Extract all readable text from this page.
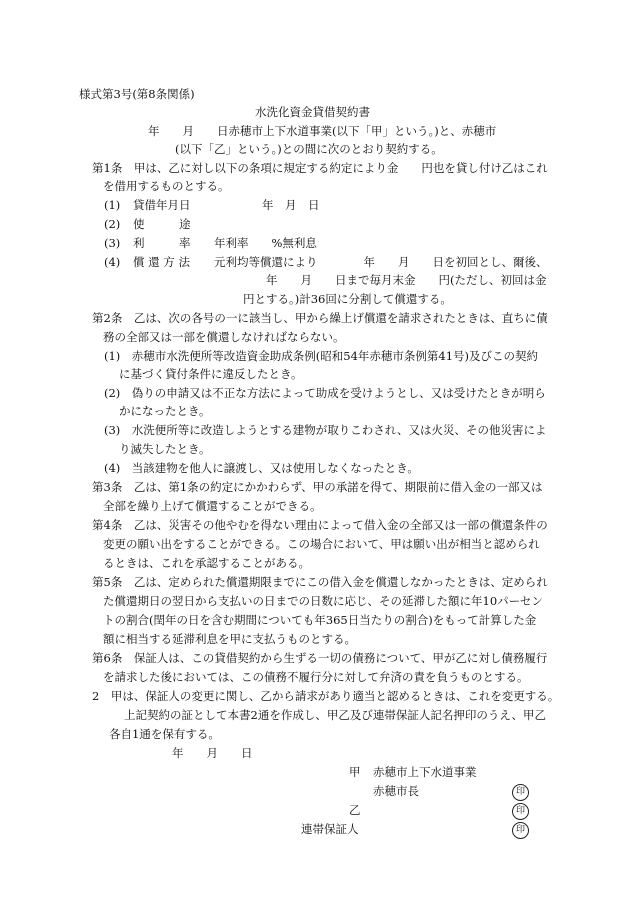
様式第3号(第8条関係)
水洗化資金貸借契約書
年　　月　　日赤穂市上下水道事業(以下「甲」という。)と、赤穂市
(以下「乙」という。)との間に次のとおり契約する。
第1条　甲は、乙に対し以下の条項に規定する約定により金　　円也を貸し付け乙はこれ
を借用するものとする。
(1) 貸借年月日	年　月　日
(2) 使　　　途
(3) 利　　　率 年利率　　%無利息
(4) 償 還 方 法 元利均等償還により　　　　年　　月　　日を初回とし、爾後、
年　　月　　日まで毎月末金　　円(ただし、初回は金
円とする。)計36回に分割して償還する。
第2条　乙は、次の各号の一に該当し、甲から繰上げ償還を請求されたときは、直ちに債
務の全部又は一部を償還しなければならない。
(1)　赤穂市水洗便所等改造資金助成条例(昭和54年赤穂市条例第41号)及びこの契約
に基づく貸付条件に違反したとき。
(2)　偽りの申請又は不正な方法によって助成を受けようとし、又は受けたときが明ら
かになったとき。
(3)　水洗便所等に改造しようとする建物が取りこわされ、又は火災、その他災害によ
り滅失したとき。
(4)　当該建物を他人に譲渡し、又は使用しなくなったとき。
第3条　乙は、第1条の約定にかかわらず、甲の承諾を得て、期限前に借入金の一部又は
全部を繰り上げて償還することができる。
第4条　乙は、災害その他やむを得ない理由によって借入金の全部又は一部の償還条件の
変更の願い出をすることができる。この場合において、甲は願い出が相当と認められ
るときは、これを承認することがある。
第5条　乙は、定められた償還期限までにこの借入金を償還しなかったときは、定められ
た償還期日の翌日から支払いの日までの日数に応じ、その延滞した額に年10パーセン
トの割合(閏年の日を含む期間についても年365日当たりの割合)をもって計算した金
額に相当する延滞利息を甲に支払うものとする。
第6条　保証人は、この貸借契約から生ずる一切の債務について、甲が乙に対し債務履行
を請求した後においては、この債務不履行分に対して弁済の責を負うものとする。
2　甲は、保証人の変更に関し、乙から請求があり適当と認めるときは、これを変更する。
上記契約の証として本書2通を作成し、甲乙及び連帯保証人記名押印のうえ、甲乙
各自1通を保有する。
年　　月　　日
甲 赤穂市上下水道事業
赤穂市長	印
乙	印
連帯保証人	印
